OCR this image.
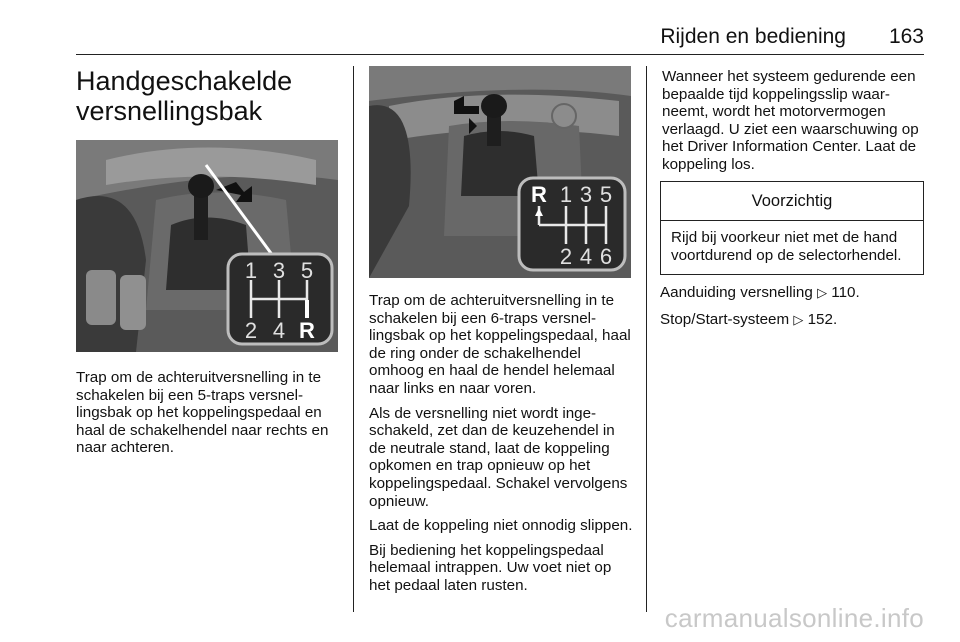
Rijden en bediening 163
Handgeschakelde versnellingsbak
1 3 5
2 4 R

Trap om de achteruitversnelling in te schakelen bij een 5-traps versnellingsbak op het koppelingspedaal en haal de schakelhendel naar rechts en naar achteren.

R 1 3 5
2 4 6

Trap om de achteruitversnelling in te schakelen bij een 6-traps versnellingsbak op het koppelingspedaal, haal de ring onder de schakelhendel omhoog en haal de hendel helemaal naar links en naar voren.

Als de versnelling niet wordt ingeschakeld, zet dan de keuzehendel in de neutrale stand, laat de koppeling opkomen en trap opnieuw op het koppelingspedaal. Schakel vervolgens opnieuw.

Laat de koppeling niet onnodig slippen.

Bij bediening het koppelingspedaal helemaal intrappen. Uw voet niet op het pedaal laten rusten.

Wanneer het systeem gedurende een bepaalde tijd koppelingsslip waarneemt, wordt het motorvermogen verlaagd. U ziet een waarschuwing op het Driver Information Center. Laat de koppeling los.

Voorzichtig
Rijd bij voorkeur niet met de hand voortdurend op de selectorhendel.

Aanduiding versnelling ▷ 110.

Stop/Start-systeem ▷ 152.

carmanualsonline.info
